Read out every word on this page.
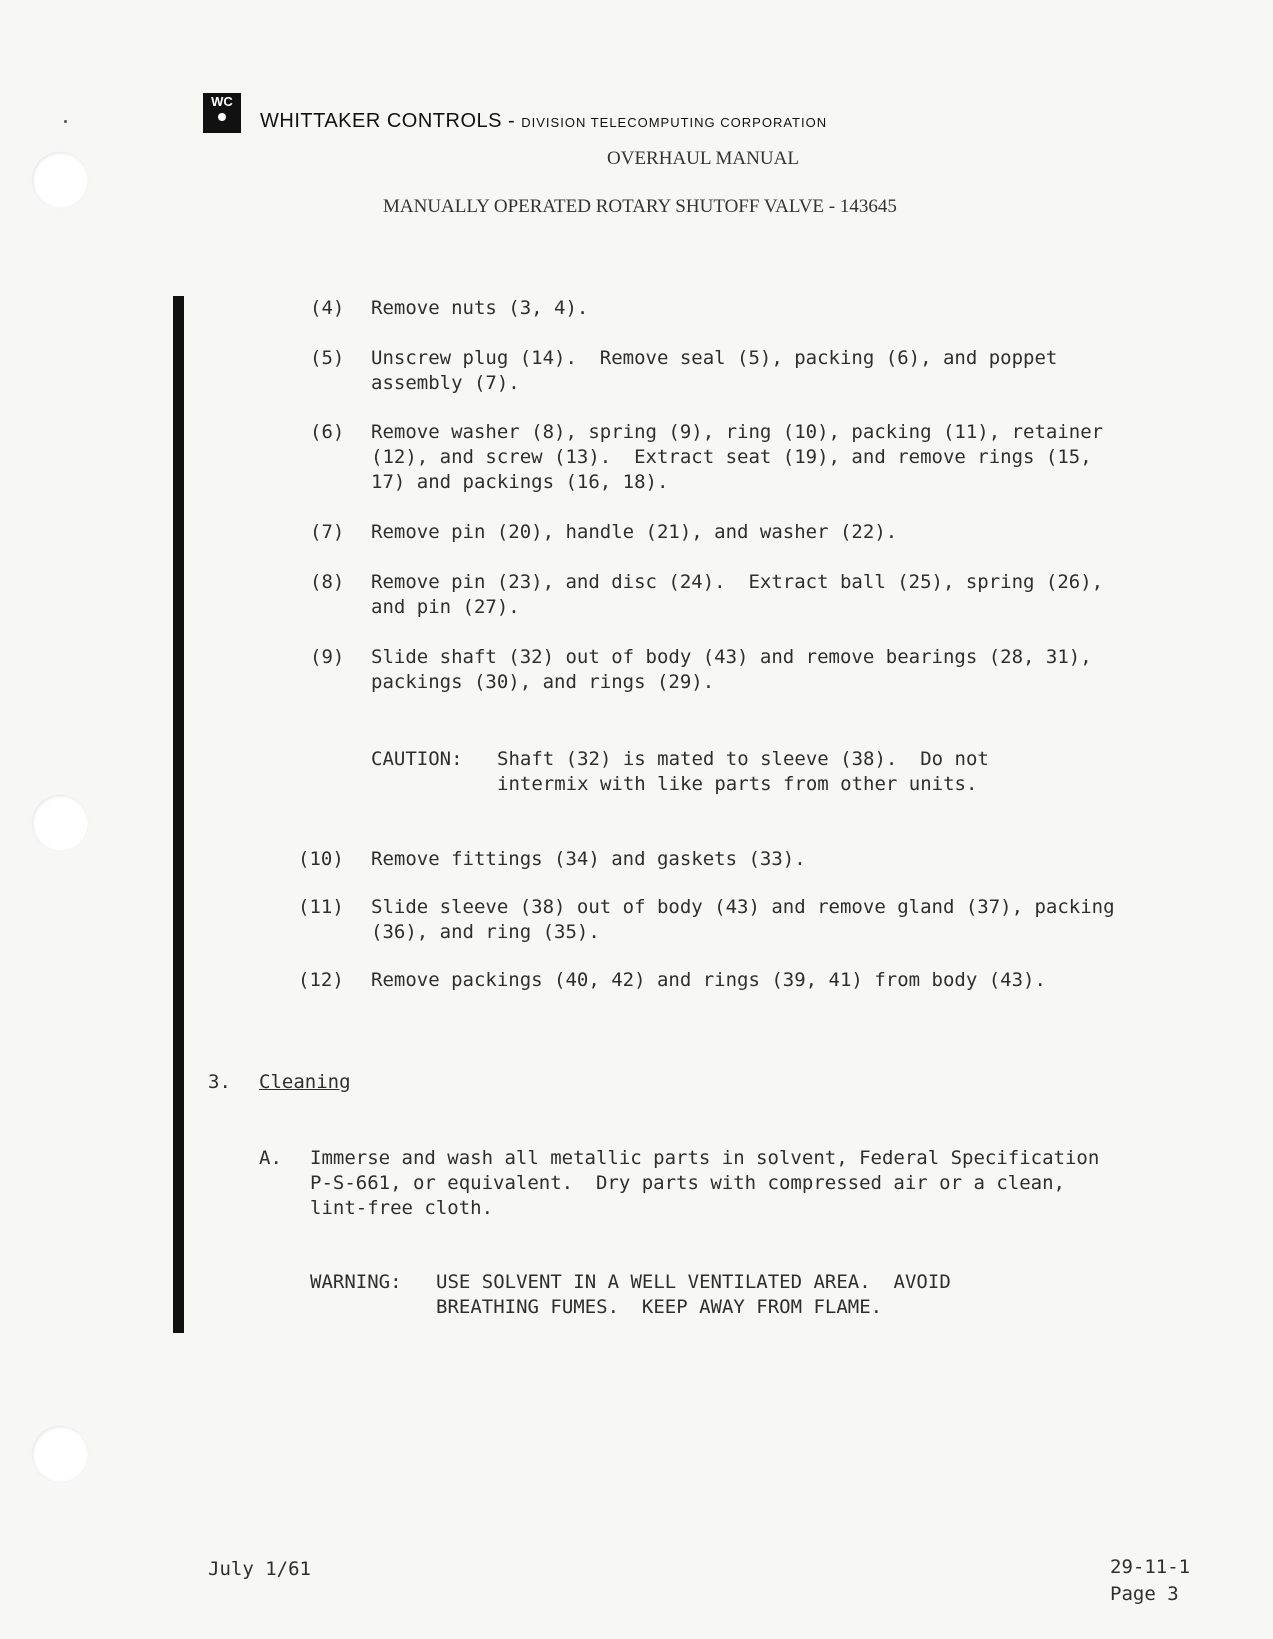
WC
WHITTAKER CONTROLS - DIVISION TELECOMPUTING CORPORATION
OVERHAUL MANUAL
MANUALLY OPERATED ROTARY SHUTOFF VALVE - 143645
(4) Remove nuts (3, 4).
(5) Unscrew plug (14).  Remove seal (5), packing (6), and poppet
assembly (7).
(6) Remove washer (8), spring (9), ring (10), packing (11), retainer
(12), and screw (13).  Extract seat (19), and remove rings (15,
17) and packings (16, 18).
(7) Remove pin (20), handle (21), and washer (22).
(8) Remove pin (23), and disc (24).  Extract ball (25), spring (26),
and pin (27).
(9) Slide shaft (32) out of body (43) and remove bearings (28, 31),
packings (30), and rings (29).
CAUTION: Shaft (32) is mated to sleeve (38).  Do not
intermix with like parts from other units.
(10) Remove fittings (34) and gaskets (33).
(11) Slide sleeve (38) out of body (43) and remove gland (37), packing
(36), and ring (35).
(12) Remove packings (40, 42) and rings (39, 41) from body (43).
3. Cleaning
A. Immerse and wash all metallic parts in solvent, Federal Specification
P-S-661, or equivalent.  Dry parts with compressed air or a clean,
lint-free cloth.
WARNING: USE SOLVENT IN A WELL VENTILATED AREA.  AVOID
BREATHING FUMES.  KEEP AWAY FROM FLAME.
July 1/61	29-11-1
Page 3
